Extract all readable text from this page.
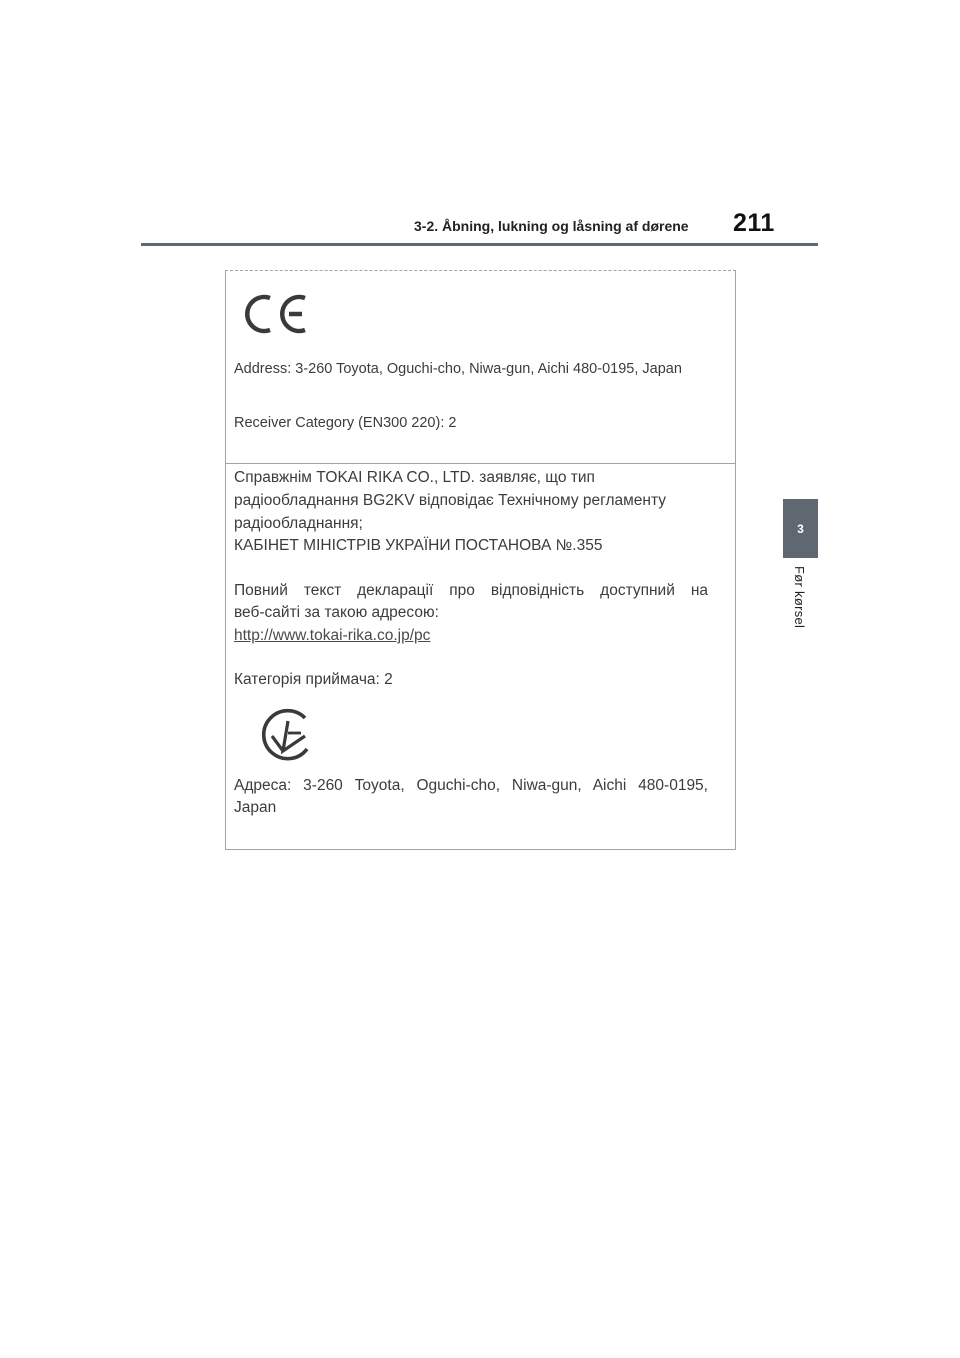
3-2. Åbning, lukning og låsning af dørene	211
3
Før kørsel
Address: 3-260 Toyota, Oguchi-cho, Niwa-gun, Aichi 480-0195, Japan
Receiver Category (EN300 220): 2
Справжнім TOKAI RIKA CO., LTD. заявляє, що тип
радіообладнання BG2KV відповідає Технічному регламенту
радіообладнання;
КАБІНЕТ МІНІСТРІВ УКРАЇНИ ПОСТАНОВА №.355
Повний текст декларації про відповідність доступний на
веб-сайті за такою адресою:
http://www.tokai-rika.co.jp/pc
Категорія приймача: 2
Адреса: 3-260 Toyota, Oguchi-cho, Niwa-gun, Aichi 480-0195,
Japan
